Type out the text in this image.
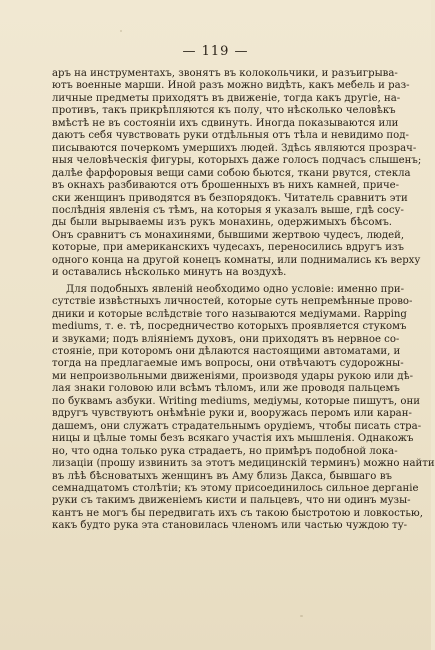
— 119 —
аръ на инструментахъ, звонятъ въ колокольчики, и разъигрывa-
ютъ военные марши. Иной разъ можно видѣть, какъ мебель и раз-
личные предметы приходятъ въ движенiе, тогда какъ другiе, на-
противъ, такъ прикрѣпляются къ полу, что нѣсколько человѣкъ
вмѣстѣ не въ состоянiи ихъ сдвинуть. Иногда показываются или
даютъ себя чувствовать руки отдѣльныя отъ тѣла и невидимо под-
писываются почеркомъ умершихъ людей. Здѣсь являются прозрач-
ныя человѣческiя фигуры, которыхъ даже голосъ подчасъ слышенъ;
далѣе фарфоровыя вещи сами собою бьются, ткани рвутся, стекла
въ окнахъ разбиваются отъ брошенныхъ въ нихъ камней, приче-
ски женщинъ приводятся въ безпорядокъ. Читатель сравнитъ эти
послѣднiя явленiя съ тѣмъ, на которыя я указалъ выше, гдѣ сосу-
ды были вырываемы изъ рукъ монахинь, одержимыхъ бѣсомъ.
Онъ сравнитъ съ монахинями, бывшими жертвою чудесъ, людей,
которые, при американскихъ чудесахъ, переносились вдругъ изъ
одного конца на другой конецъ комнаты, или поднимались къ верху
и оставались нѣсколько минутъ на воздухѣ.
Для подобныхъ явленiй необходимо одно условiе: именно при-
сутствiе извѣстныхъ личностей, которые суть непремѣнные прово-
дники и которые вслѣдствiе того называются медiумами. Rapping
mediums, т. е. тѣ, посредничество которыхъ проявляется стукомъ
и звуками; подъ влiянiемъ духовъ, они приходятъ въ нервное со-
стоянiе, при которомъ они дѣлаются настоящими автоматами, и
тогда на предлагаемые имъ вопросы, они отвѣчаютъ судорожны-
ми непроизвольными движенiями, производя удары рукою или дѣ-
лая знаки головою или всѣмъ тѣломъ, или же проводя пальцемъ
по буквамъ азбуки. Writing mediums, медiумы, которые пишутъ, они
вдругъ чувствуютъ онѣмѣнiе руки и, вооружась перомъ или каран-
дашемъ, они служатъ страдательнымъ орудiемъ, чтобы писать стра-
ницы и цѣлые томы безъ всякаго участiя ихъ мышленiя. Однакожъ
но, что одна только рука страдаетъ, но примѣръ подобной лока-
лизацiи (прошу извинить за этотъ медицинскiй терминъ) можно найти
въ лѣѣ бѣсноватыхъ женщинъ въ Аму близь Дакса, бывшаго въ
семнадцатомъ столѣтiи; къ этому присоединилось сильное дерганiе
руки съ такимъ движенiемъ кисти и пальцевъ, что ни одинъ музы-
кантъ не могъ бы передвигать ихъ съ такою быстротою и ловкостью,
какъ будто рука эта становилась членомъ или частью чуждою ту-
